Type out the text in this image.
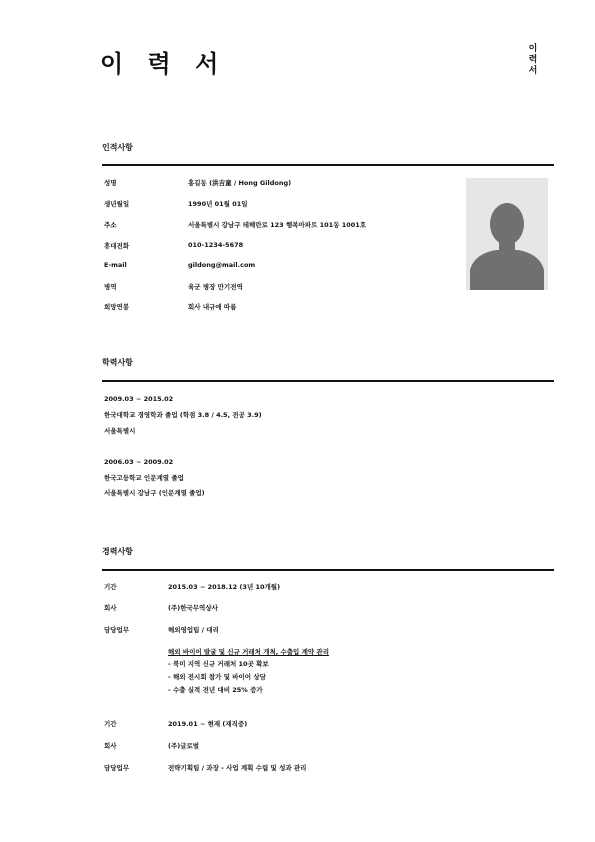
이 력 서
이 력 서
인적사항
성명	홍길동 (洪吉童 / Hong Gildong)
생년월일	1990년 01월 01일
주소	서울특별시 강남구 테헤란로 123 행복아파트 101동 1001호
휴대전화	010-1234-5678
E-mail	gildong@mail.com
병역	육군 병장 만기전역
희망연봉	회사 내규에 따름
학력사항
2009.03 ~ 2015.02
한국대학교 경영학과 졸업 (학점 3.8 / 4.5, 전공 3.9)
서울특별시
2006.03 ~ 2009.02
한국고등학교 인문계열 졸업
서울특별시 강남구 (인문계열 졸업)
경력사항
기간	2015.03 ~ 2018.12 (3년 10개월)
회사	(주)한국무역상사
담당업무	해외영업팀 / 대리
해외 바이어 발굴 및 신규 거래처 개척, 수출입 계약 관리
- 북미 지역 신규 거래처 10곳 확보
- 해외 전시회 참가 및 바이어 상담
- 수출 실적 전년 대비 25% 증가
기간	2019.01 ~ 현재 (재직중)
회사	(주)글로벌
담당업무	전략기획팀 / 과장 - 사업 계획 수립 및 성과 관리
